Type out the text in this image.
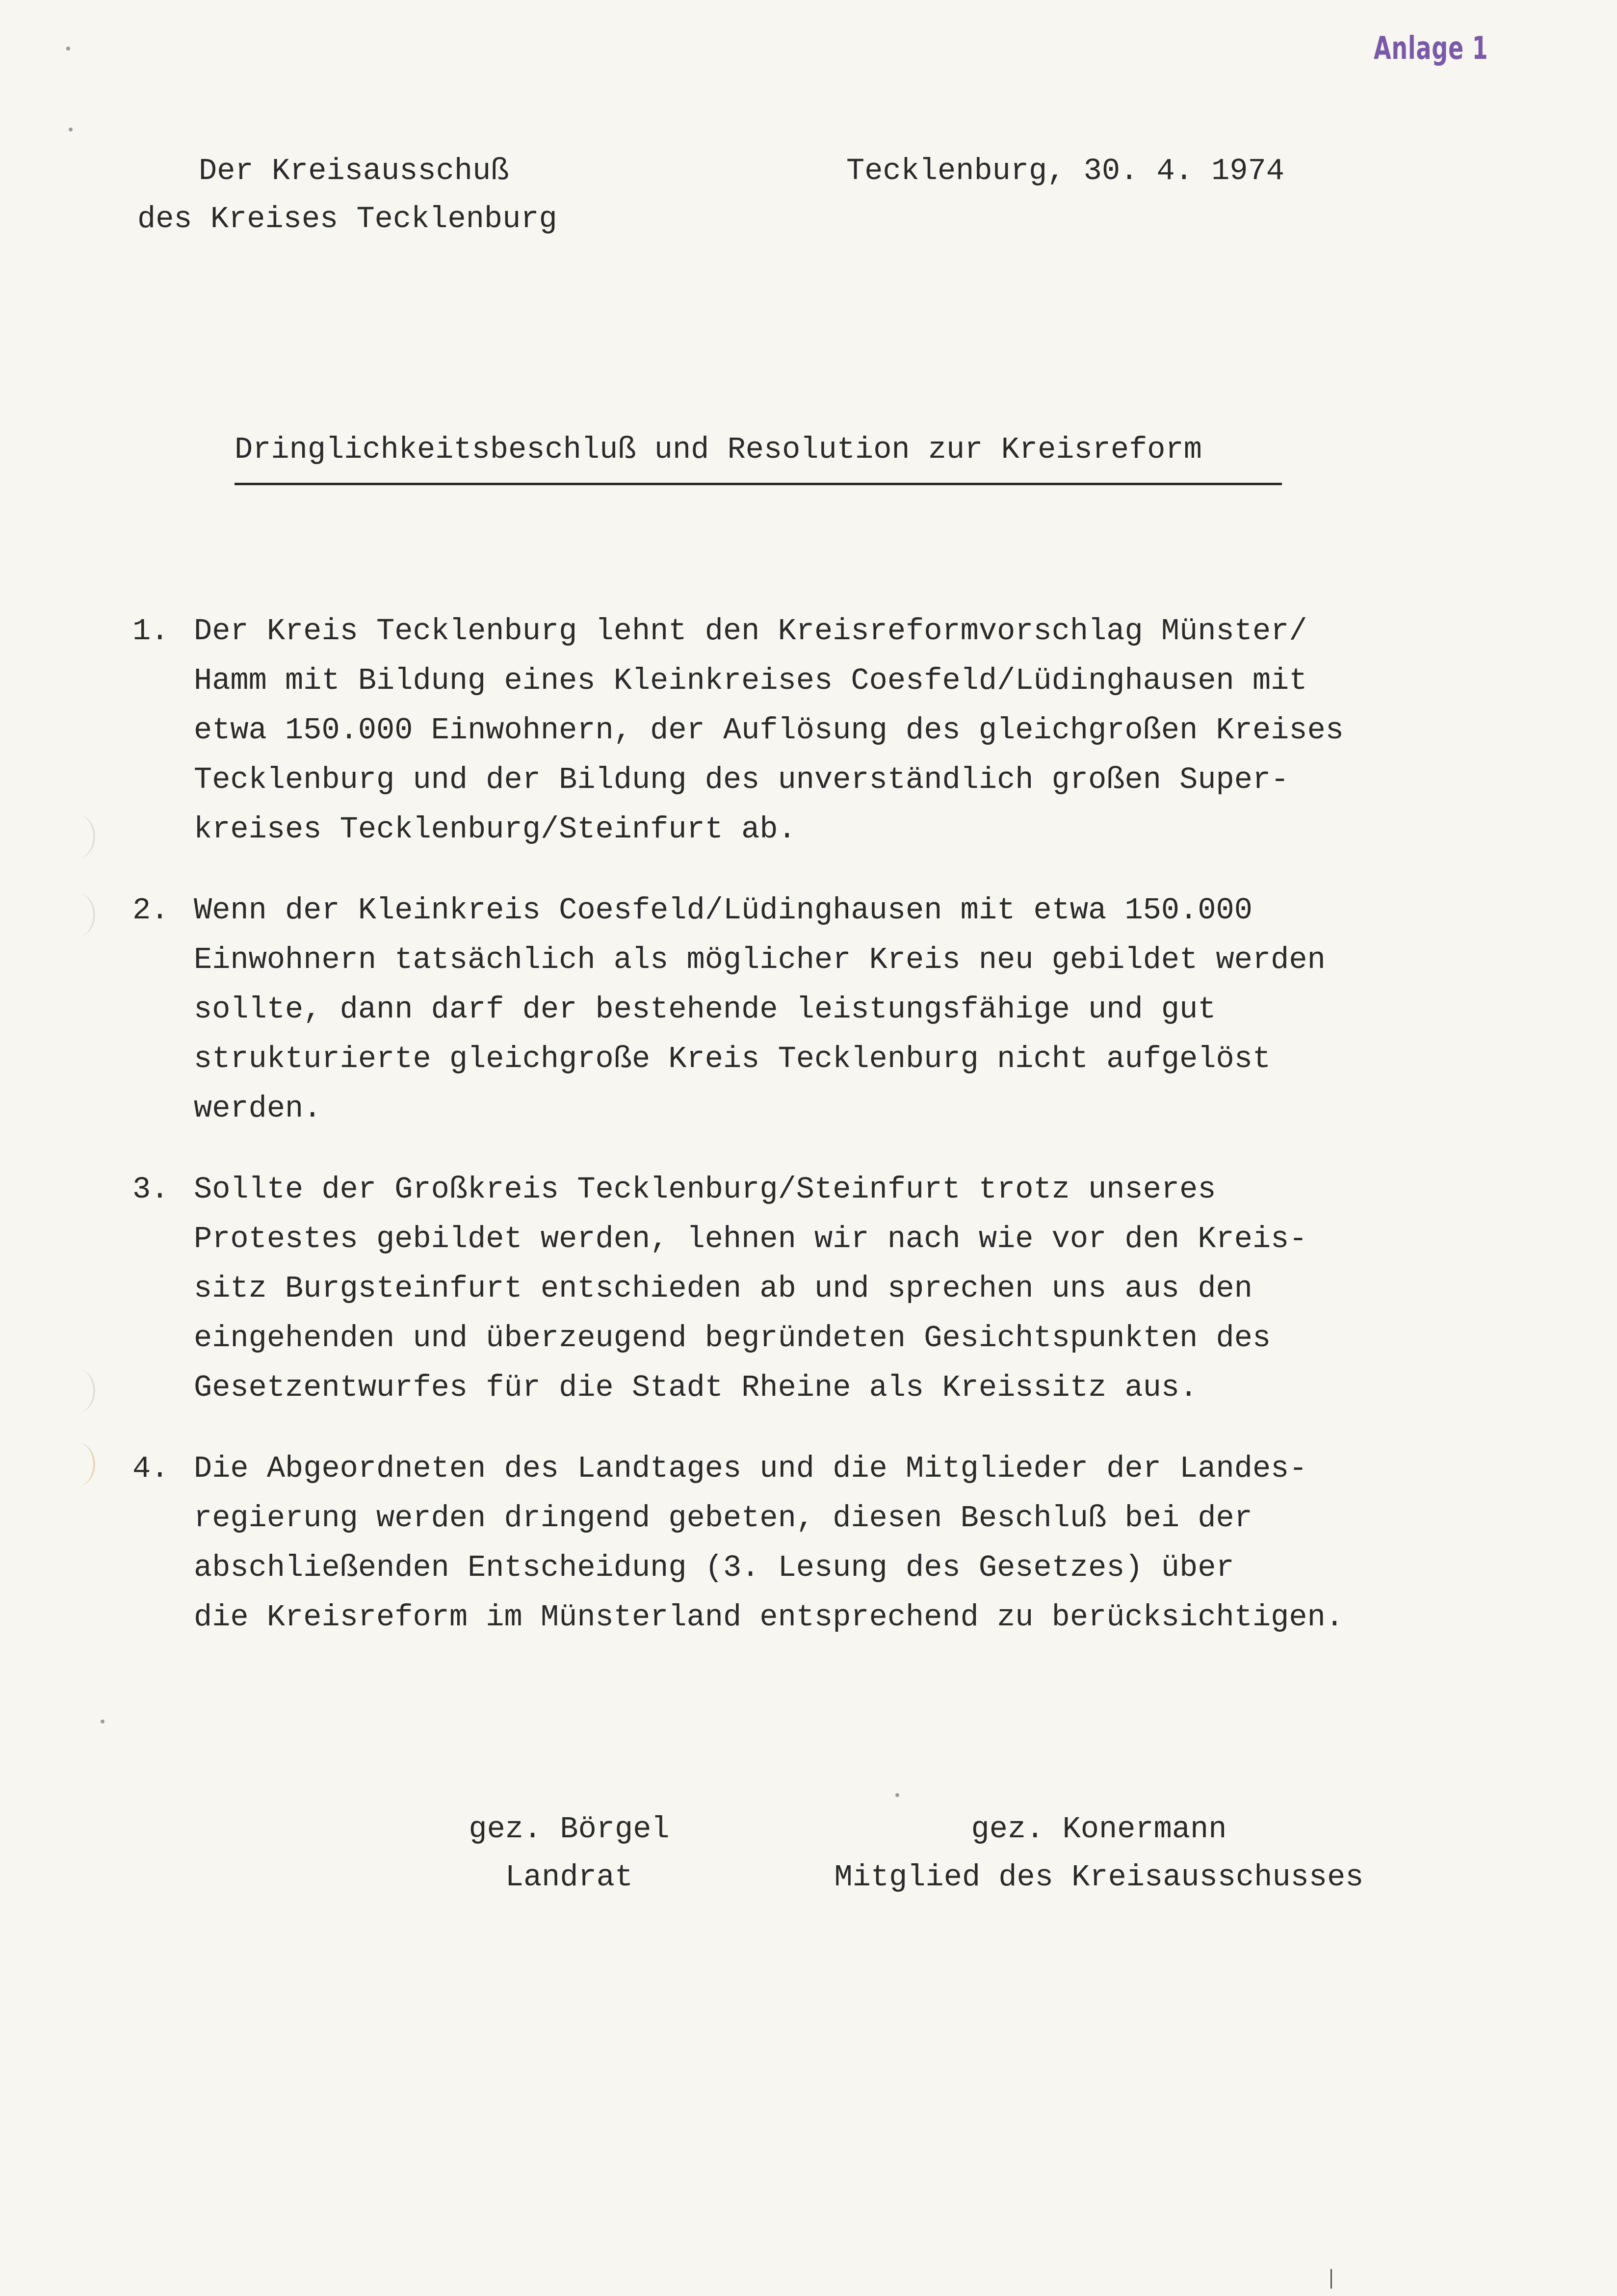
Anlage 1
Der Kreisausschuß
des Kreises Tecklenburg
Tecklenburg, 30. 4. 1974
Dringlichkeitsbeschluß und Resolution zur Kreisreform
1. Der Kreis Tecklenburg lehnt den Kreisreformvorschlag Münster/
Hamm mit Bildung eines Kleinkreises Coesfeld/Lüdinghausen mit
etwa 150.000 Einwohnern, der Auflösung des gleichgroßen Kreises
Tecklenburg und der Bildung des unverständlich großen Super-
kreises Tecklenburg/Steinfurt ab.
2. Wenn der Kleinkreis Coesfeld/Lüdinghausen mit etwa 150.000
Einwohnern tatsächlich als möglicher Kreis neu gebildet werden
sollte, dann darf der bestehende leistungsfähige und gut
strukturierte gleichgroße Kreis Tecklenburg nicht aufgelöst
werden.
3. Sollte der Großkreis Tecklenburg/Steinfurt trotz unseres
Protestes gebildet werden, lehnen wir nach wie vor den Kreis-
sitz Burgsteinfurt entschieden ab und sprechen uns aus den
eingehenden und überzeugend begründeten Gesichtspunkten des
Gesetzentwurfes für die Stadt Rheine als Kreissitz aus.
4. Die Abgeordneten des Landtages und die Mitglieder der Landes-
regierung werden dringend gebeten, diesen Beschluß bei der
abschließenden Entscheidung (3. Lesung des Gesetzes) über
die Kreisreform im Münsterland entsprechend zu berücksichtigen.
gez. Börgel
Landrat
gez. Konermann
Mitglied des Kreisausschusses
